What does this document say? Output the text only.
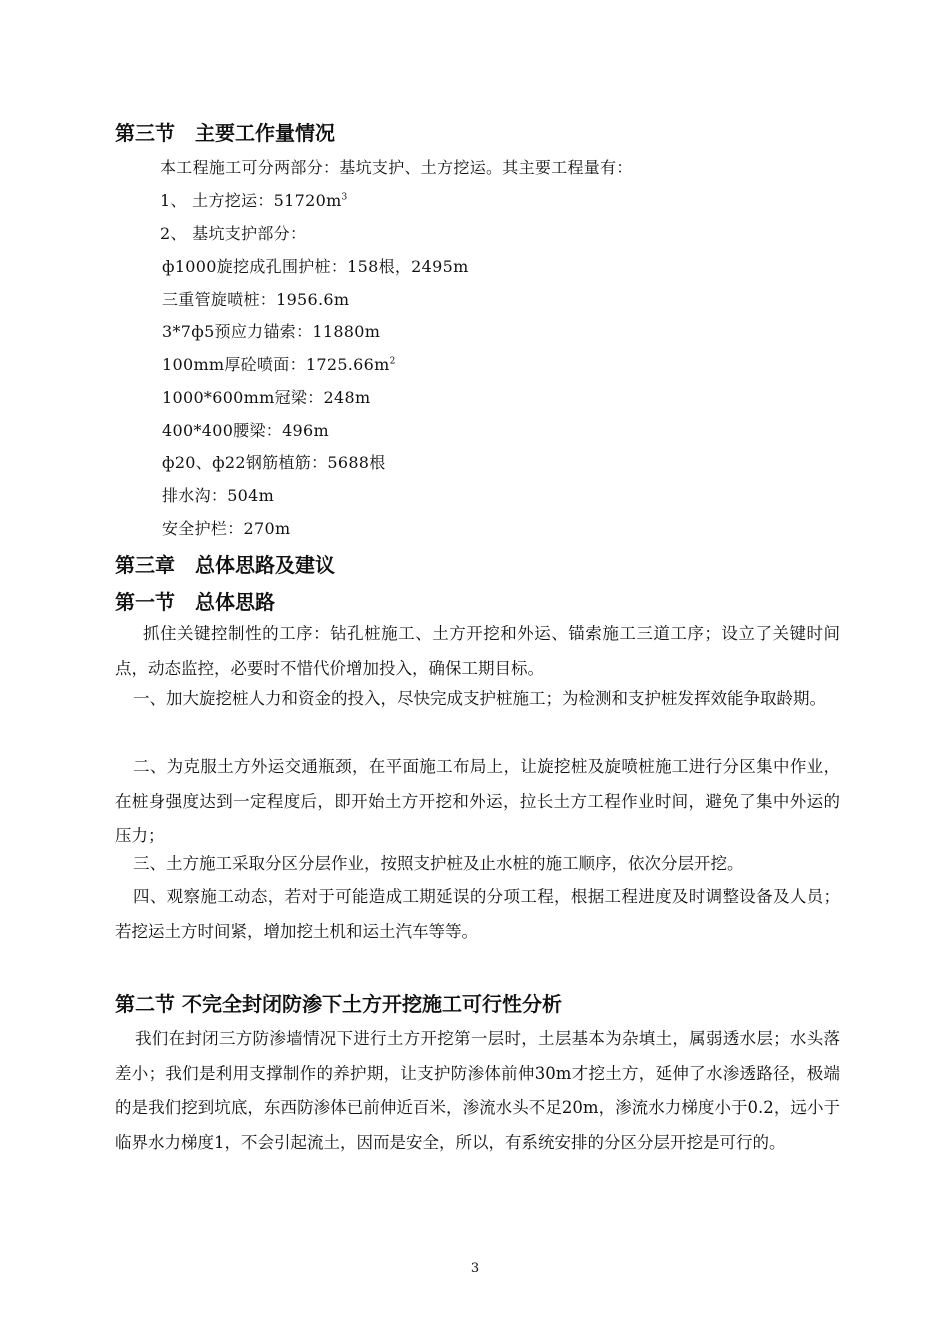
第三节　主要工作量情况

本工程施工可分两部分：基坑支护、土方挖运。其主要工程量有：

1、 土方挖运：$51720m^3$

2、 基坑支护部分：

ф1000旋挖成孔围护桩：158根，2495m

三重管旋喷桩：1956.6m

3*7ф5预应力锚索：11880m

100mm厚砼喷面：$1725.66m^2$

1000*600mm冠梁：248m

400*400腰梁：496m

ф20、ф22钢筋植筋：5688根

排水沟：504m

安全护栏：270m

第三章　总体思路及建议
第一节　总体思路

抓住关键控制性的工序：钻孔桩施工、土方开挖和外运、锚索施工三道工序；设立了关键时间点，动态监控，必要时不惜代价增加投入，确保工期目标。

一、加大旋挖桩人力和资金的投入，尽快完成支护桩施工；为检测和支护桩发挥效能争取龄期。

二、为克服土方外运交通瓶颈，在平面施工布局上，让旋挖桩及旋喷桩施工进行分区集中作业，在桩身强度达到一定程度后，即开始土方开挖和外运，拉长土方工程作业时间，避免了集中外运的压力；

三、土方施工采取分区分层作业，按照支护桩及止水桩的施工顺序，依次分层开挖。

四、观察施工动态，若对于可能造成工期延误的分项工程，根据工程进度及时调整设备及人员；若挖运土方时间紧，增加挖土机和运土汽车等等。

第二节 不完全封闭防渗下土方开挖施工可行性分析

我们在封闭三方防渗墙情况下进行土方开挖第一层时，土层基本为杂填土，属弱透水层；水头落差小；我们是利用支撑制作的养护期，让支护防渗体前伸30m才挖土方，延伸了水渗透路径，极端的是我们挖到坑底，东西防渗体已前伸近百米，渗流水头不足20m，渗流水力梯度小于0.2，远小于临界水力梯度1，不会引起流土，因而是安全，所以，有系统安排的分区分层开挖是可行的。

3
